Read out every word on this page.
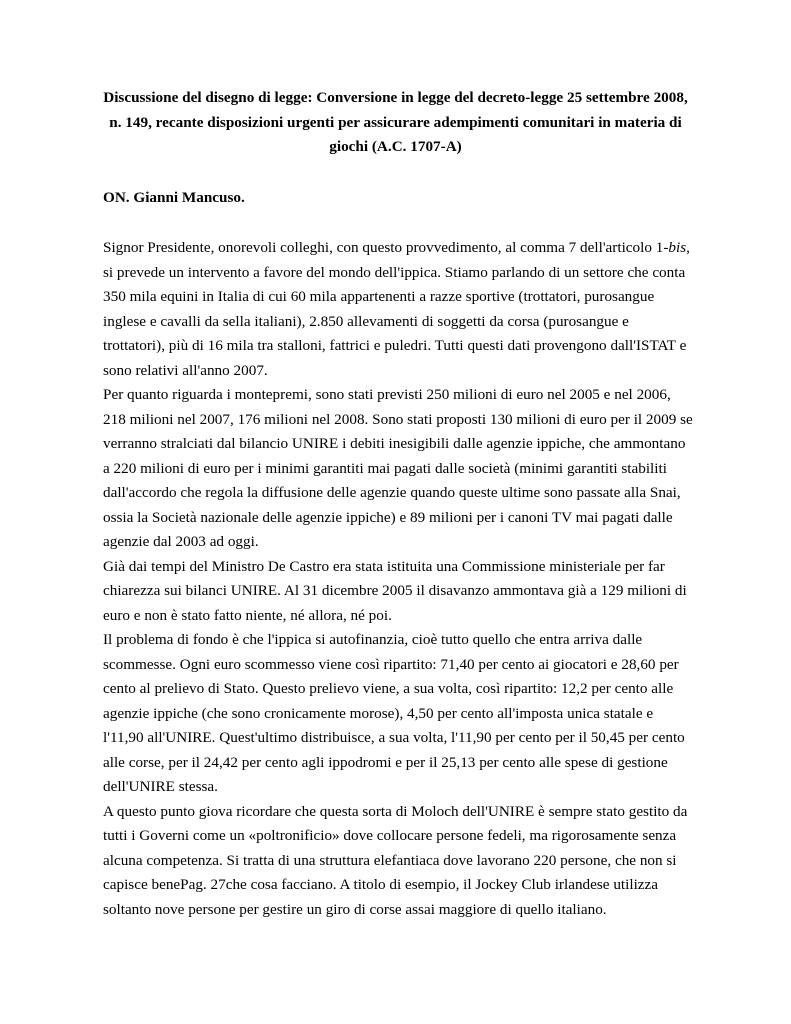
Discussione del disegno di legge: Conversione in legge del decreto-legge 25 settembre 2008, n. 149, recante disposizioni urgenti per assicurare adempimenti comunitari in materia di giochi (A.C. 1707-A)

ON. Gianni Mancuso.

Signor Presidente, onorevoli colleghi, con questo provvedimento, al comma 7 dell'articolo 1-bis, si prevede un intervento a favore del mondo dell'ippica. Stiamo parlando di un settore che conta 350 mila equini in Italia di cui 60 mila appartenenti a razze sportive (trottatori, purosangue inglese e cavalli da sella italiani), 2.850 allevamenti di soggetti da corsa (purosangue e trottatori), più di 16 mila tra stalloni, fattrici e puledri. Tutti questi dati provengono dall'ISTAT e sono relativi all'anno 2007.

Per quanto riguarda i montepremi, sono stati previsti 250 milioni di euro nel 2005 e nel 2006, 218 milioni nel 2007, 176 milioni nel 2008. Sono stati proposti 130 milioni di euro per il 2009 se verranno stralciati dal bilancio UNIRE i debiti inesigibili dalle agenzie ippiche, che ammontano a 220 milioni di euro per i minimi garantiti mai pagati dalle società (minimi garantiti stabiliti dall'accordo che regola la diffusione delle agenzie quando queste ultime sono passate alla Snai, ossia la Società nazionale delle agenzie ippiche) e 89 milioni per i canoni TV mai pagati dalle agenzie dal 2003 ad oggi.

Già dai tempi del Ministro De Castro era stata istituita una Commissione ministeriale per far chiarezza sui bilanci UNIRE. Al 31 dicembre 2005 il disavanzo ammontava già a 129 milioni di euro e non è stato fatto niente, né allora, né poi.

Il problema di fondo è che l'ippica si autofinanzia, cioè tutto quello che entra arriva dalle scommesse. Ogni euro scommesso viene così ripartito: 71,40 per cento ai giocatori e 28,60 per cento al prelievo di Stato. Questo prelievo viene, a sua volta, così ripartito: 12,2 per cento alle agenzie ippiche (che sono cronicamente morose), 4,50 per cento all'imposta unica statale e l'11,90 all'UNIRE. Quest'ultimo distribuisce, a sua volta, l'11,90 per cento per il 50,45 per cento alle corse, per il 24,42 per cento agli ippodromi e per il 25,13 per cento alle spese di gestione dell'UNIRE stessa.

A questo punto giova ricordare che questa sorta di Moloch dell'UNIRE è sempre stato gestito da tutti i Governi come un «poltronificio» dove collocare persone fedeli, ma rigorosamente senza alcuna competenza. Si tratta di una struttura elefantiaca dove lavorano 220 persone, che non si capisce benePag. 27che cosa facciano. A titolo di esempio, il Jockey Club irlandese utilizza soltanto nove persone per gestire un giro di corse assai maggiore di quello italiano.
